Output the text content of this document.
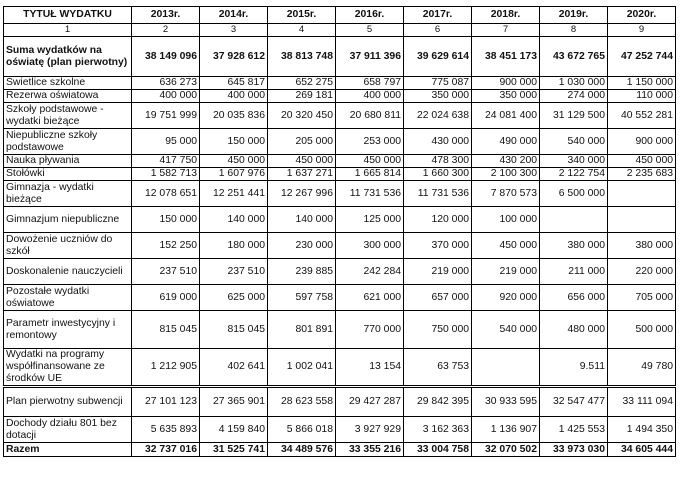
TYTUŁ WYDATKU	2013r.	2014r.	2015r.	2016r.	2017r.	2018r.	2019r.	2020r.
1	2	3	4	5	6	7	8	9
Suma wydatków na oświatę (plan pierwotny)	38 149 096	37 928 612	38 813 748	37 911 396	39 629 614	38 451 173	43 672 765	47 252 744
Świetlice szkolne	636 273	645 817	652 275	658 797	775 087	900 000	1 030 000	1 150 000
Rezerwa oświatowa	400 000	400 000	269 181	400 000	350 000	350 000	274 000	110 000
Szkoły podstawowe - wydatki bieżące	19 751 999	20 035 836	20 320 450	20 680 811	22 024 638	24 081 400	31 129 500	40 552 281
Niepubliczne szkoły podstawowe	95 000	150 000	205 000	253 000	430 000	490 000	540 000	900 000
Nauka pływania	417 750	450 000	450 000	450 000	478 300	430 200	340 000	450 000
Stołówki	1 582 713	1 607 976	1 637 271	1 665 814	1 660 300	2 100 300	2 122 754	2 235 683
Gimnazja - wydatki bieżące	12 078 651	12 251 441	12 267 996	11 731 536	11 731 536	7 870 573	6 500 000	
Gimnazjum niepubliczne	150 000	140 000	140 000	125 000	120 000	100 000		
Dowożenie uczniów do szkół	152 250	180 000	230 000	300 000	370 000	450 000	380 000	380 000
Doskonalenie nauczycieli	237 510	237 510	239 885	242 284	219 000	219 000	211 000	220 000
Pozostałe wydatki oświatowe	619 000	625 000	597 758	621 000	657 000	920 000	656 000	705 000
Parametr inwestycyjny i remontowy	815 045	815 045	801 891	770 000	750 000	540 000	480 000	500 000
Wydatki na programy współfinansowane ze środków UE	1 212 905	402 641	1 002 041	13 154	63 753		9.511	49 780
Plan pierwotny subwencji	27 101 123	27 365 901	28 623 558	29 427 287	29 842 395	30 933 595	32 547 477	33 111 094
Dochody działu 801 bez dotacji	5 635 893	4 159 840	5 866 018	3 927 929	3 162 363	1 136 907	1 425 553	1 494 350
Razem	32 737 016	31 525 741	34 489 576	33 355 216	33 004 758	32 070 502	33 973 030	34 605 444
